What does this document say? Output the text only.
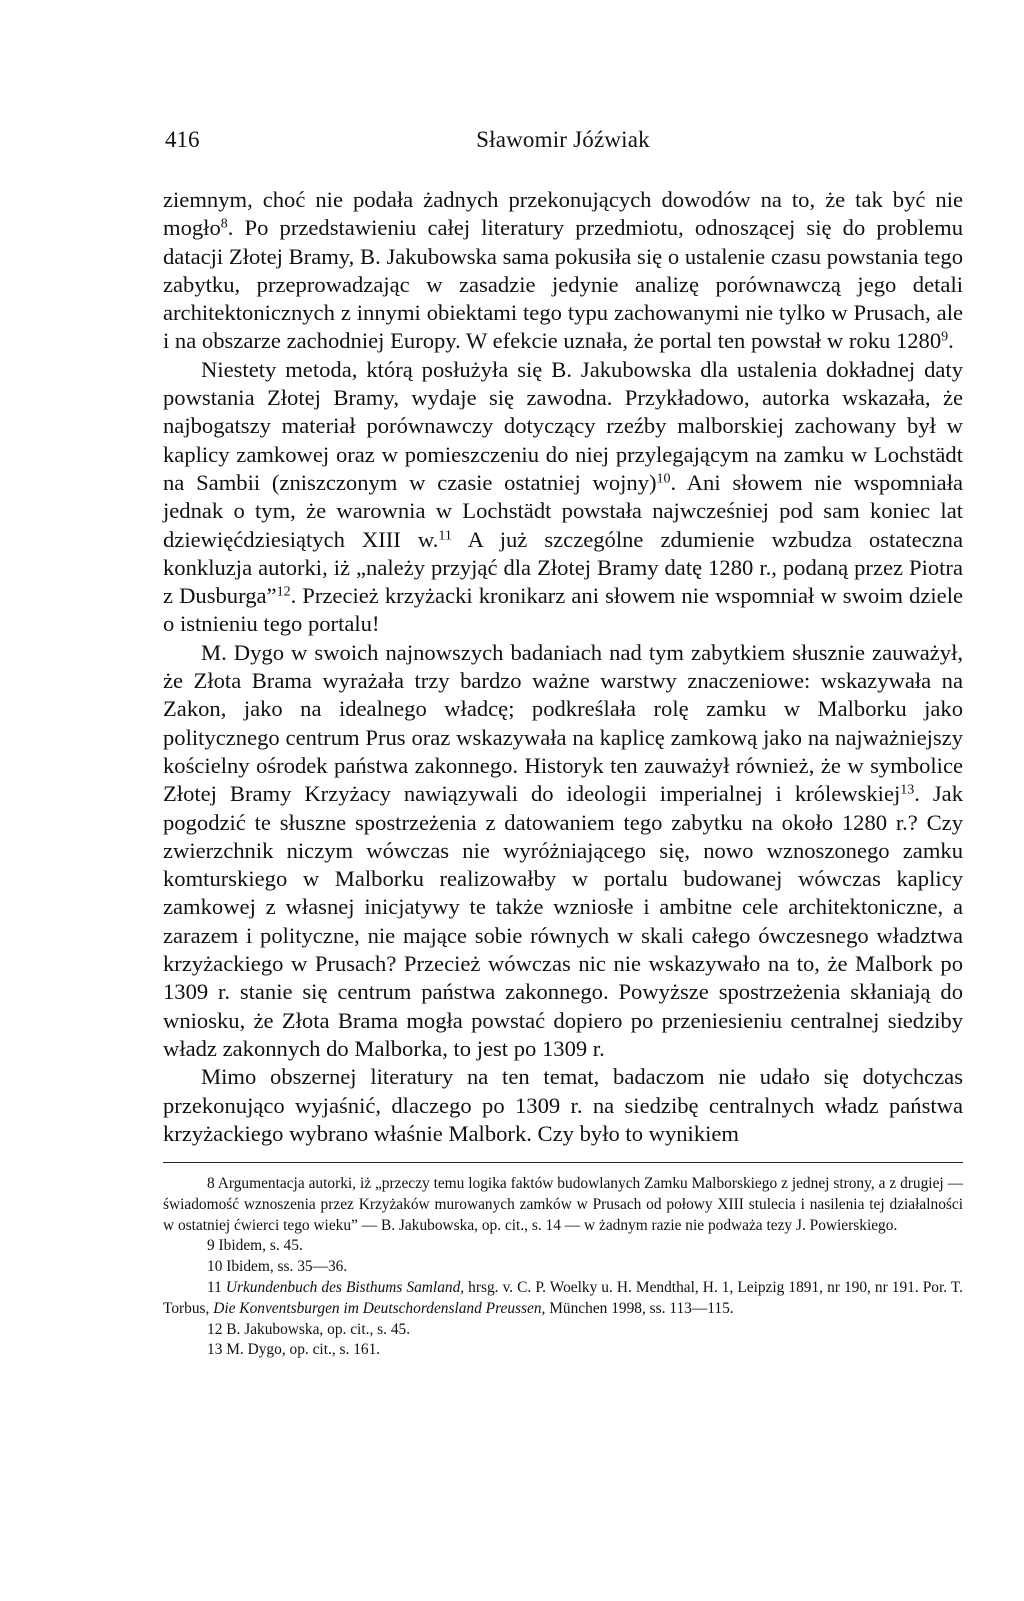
416	Sławomir Jóźwiak

ziemnym, choć nie podała żadnych przekonujących dowodów na to, że tak być nie mogło$^8$. Po przedstawieniu całej literatury przedmiotu, odnoszącej się do problemu datacji Złotej Bramy, B. Jakubowska sama pokusiła się o ustalenie czasu powstania tego zabytku, przeprowadzając w zasadzie jedynie analizę porównawczą jego detali architektonicznych z innymi obiektami tego typu zachowanymi nie tylko w Prusach, ale i na obszarze zachodniej Europy. W efekcie uznała, że portal ten powstał w roku 1280$^9$.

Niestety metoda, którą posłużyła się B. Jakubowska dla ustalenia dokładnej daty powstania Złotej Bramy, wydaje się zawodna. Przykładowo, autorka wskazała, że najbogatszy materiał porównawczy dotyczący rzeźby malborskiej zachowany był w kaplicy zamkowej oraz w pomieszczeniu do niej przylegającym na zamku w Lochstädt na Sambii (zniszczonym w czasie ostatniej wojny)$^{10}$. Ani słowem nie wspomniała jednak o tym, że warownia w Lochstädt powstała najwcześniej pod sam koniec lat dziewięćdziesiątych XIII w.$^{11}$ A już szczególne zdumienie wzbudza ostateczna konkluzja autorki, iż „należy przyjąć dla Złotej Bramy datę 1280 r., podaną przez Piotra z Dusburga”$^{12}$. Przecież krzyżacki kronikarz ani słowem nie wspomniał w swoim dziele o istnieniu tego portalu!

M. Dygo w swoich najnowszych badaniach nad tym zabytkiem słusznie zauważył, że Złota Brama wyrażała trzy bardzo ważne warstwy znaczeniowe: wskazywała na Zakon, jako na idealnego władcę; podkreślała rolę zamku w Malborku jako politycznego centrum Prus oraz wskazywała na kaplicę zamkową jako na najważniejszy kościelny ośrodek państwa zakonnego. Historyk ten zauważył również, że w symbolice Złotej Bramy Krzyżacy nawiązywali do ideologii imperialnej i królewskiej$^{13}$. Jak pogodzić te słuszne spostrzeżenia z datowaniem tego zabytku na około 1280 r.? Czy zwierzchnik niczym wówczas nie wyróżniającego się, nowo wznoszonego zamku komturskiego w Malborku realizowałby w portalu budowanej wówczas kaplicy zamkowej z własnej inicjatywy te także wzniosłe i ambitne cele architektoniczne, a zarazem i polityczne, nie mające sobie równych w skali całego ówczesnego władztwa krzyżackiego w Prusach? Przecież wówczas nic nie wskazywało na to, że Malbork po 1309 r. stanie się centrum państwa zakonnego. Powyższe spostrzeżenia skłaniają do wniosku, że Złota Brama mogła powstać dopiero po przeniesieniu centralnej siedziby władz zakonnych do Malborka, to jest po 1309 r.

Mimo obszernej literatury na ten temat, badaczom nie udało się dotychczas przekonująco wyjaśnić, dlaczego po 1309 r. na siedzibę centralnych władz państwa krzyżackiego wybrano właśnie Malbork. Czy było to wynikiem

8 Argumentacja autorki, iż „przeczy temu logika faktów budowlanych Zamku Malborskiego z jednej strony, a z drugiej — świadomość wznoszenia przez Krzyżaków murowanych zamków w Prusach od połowy XIII stulecia i nasilenia tej działalności w ostatniej ćwierci tego wieku” — B. Jakubowska, op. cit., s. 14 — w żadnym razie nie podważa tezy J. Powierskiego.

9 Ibidem, s. 45.

10 Ibidem, ss. 35—36.

11 Urkundenbuch des Bisthums Samland, hrsg. v. C. P. Woelky u. H. Mendthal, H. 1, Leipzig 1891, nr 190, nr 191. Por. T. Torbus, Die Konventsburgen im Deutschordensland Preussen, München 1998, ss. 113—115.

12 B. Jakubowska, op. cit., s. 45.

13 M. Dygo, op. cit., s. 161.
